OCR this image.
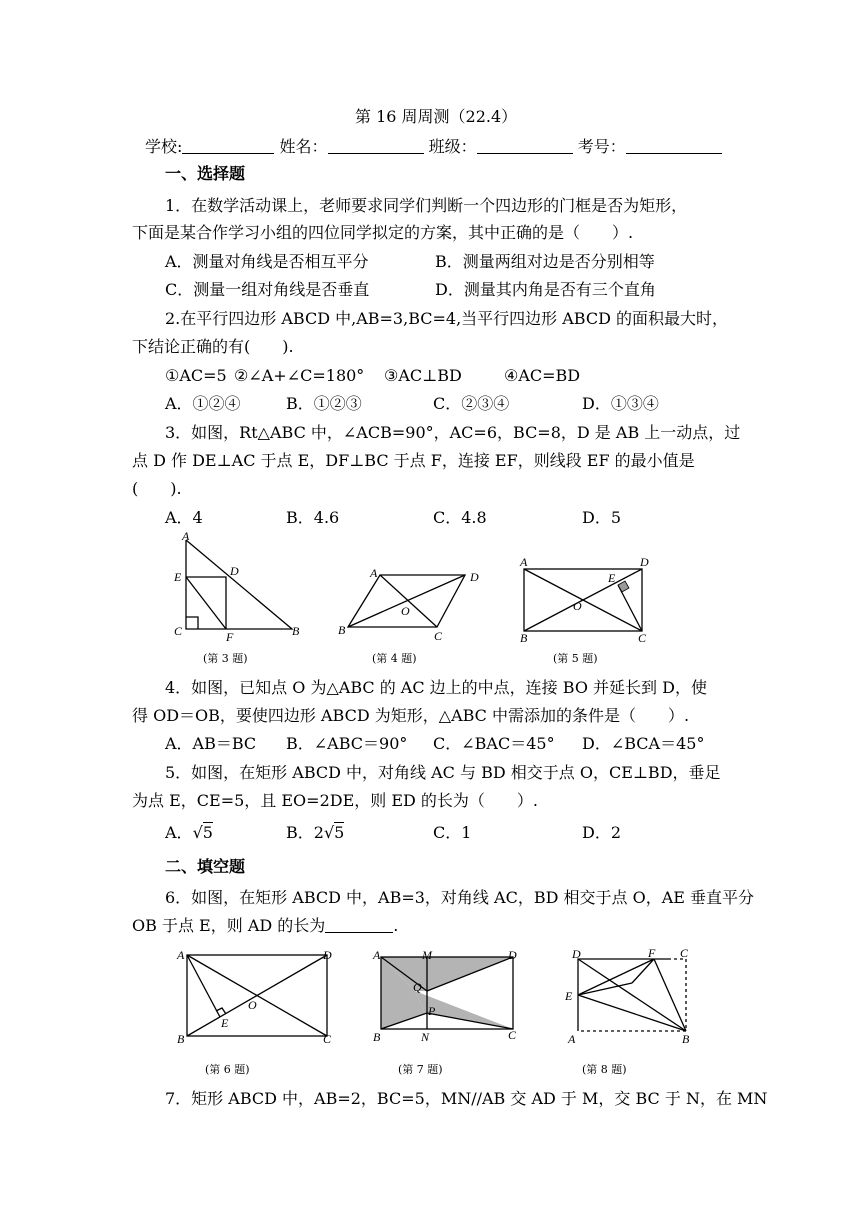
第 16 周周测（22.4）
学校:	姓名：	班级：	考号：
一、选择题
1．在数学活动课上，老师要求同学们判断一个四边形的门框是否为矩形，
下面是某合作学习小组的四位同学拟定的方案，其中正确的是（　　）.
A．测量对角线是否相互平分	B．测量两组对边是否分别相等
C．测量一组对角线是否垂直	D．测量其内角是否有三个直角
2.在平行四边形 ABCD 中,AB=3,BC=4,当平行四边形 ABCD 的面积最大时，
下结论正确的有(　　).
①AC=5 ②∠A+∠C=180° ③AC⊥BD	④AC=BD
A．①②④	B．①②③	C．②③④	D．①③④
3．如图，Rt△ABC 中，∠ACB=90°，AC=6，BC=8，D 是 AB 上一动点，过
点 D 作 DE⊥AC 于点 E，DF⊥BC 于点 F，连接 EF，则线段 EF 的最小值是
(　　).
A．4	B．4.6	C．4.8	D．5
A
E	D
C	F	B
(第 3 题)
A	D
O
B	C
(第 4 题)
A	D
E
O
B	C
(第 5 题)
4．如图，已知点 O 为△ABC 的 AC 边上的中点，连接 BO 并延长到 D，使
得 OD＝OB，要使四边形 ABCD 为矩形，△ABC 中需添加的条件是（　　）.
A．AB＝BC B．∠ABC＝90° C．∠BAC＝45° D．∠BCA＝45°
5．如图，在矩形 ABCD 中，对角线 AC 与 BD 相交于点 O，CE⊥BD，垂足
为点 E，CE=5，且 EO=2DE，则 ED 的长为（　　）.
A．√5	B．2√5	C．1	D．2
二、填空题
6．如图，在矩形 ABCD 中，AB=3，对角线 AC，BD 相交于点 O，AE 垂直平分
OB 于点 E，则 AD 的长为	.
A	D
E
O
B	C
(第 6 题)
A	M	D
Q
P
B	N	C
(第 7 题)
D	F C
E
A	B
(第 8 题)
7．矩形 ABCD 中，AB=2，BC=5，MN//AB 交 AD 于 M，交 BC 于 N，在 MN
